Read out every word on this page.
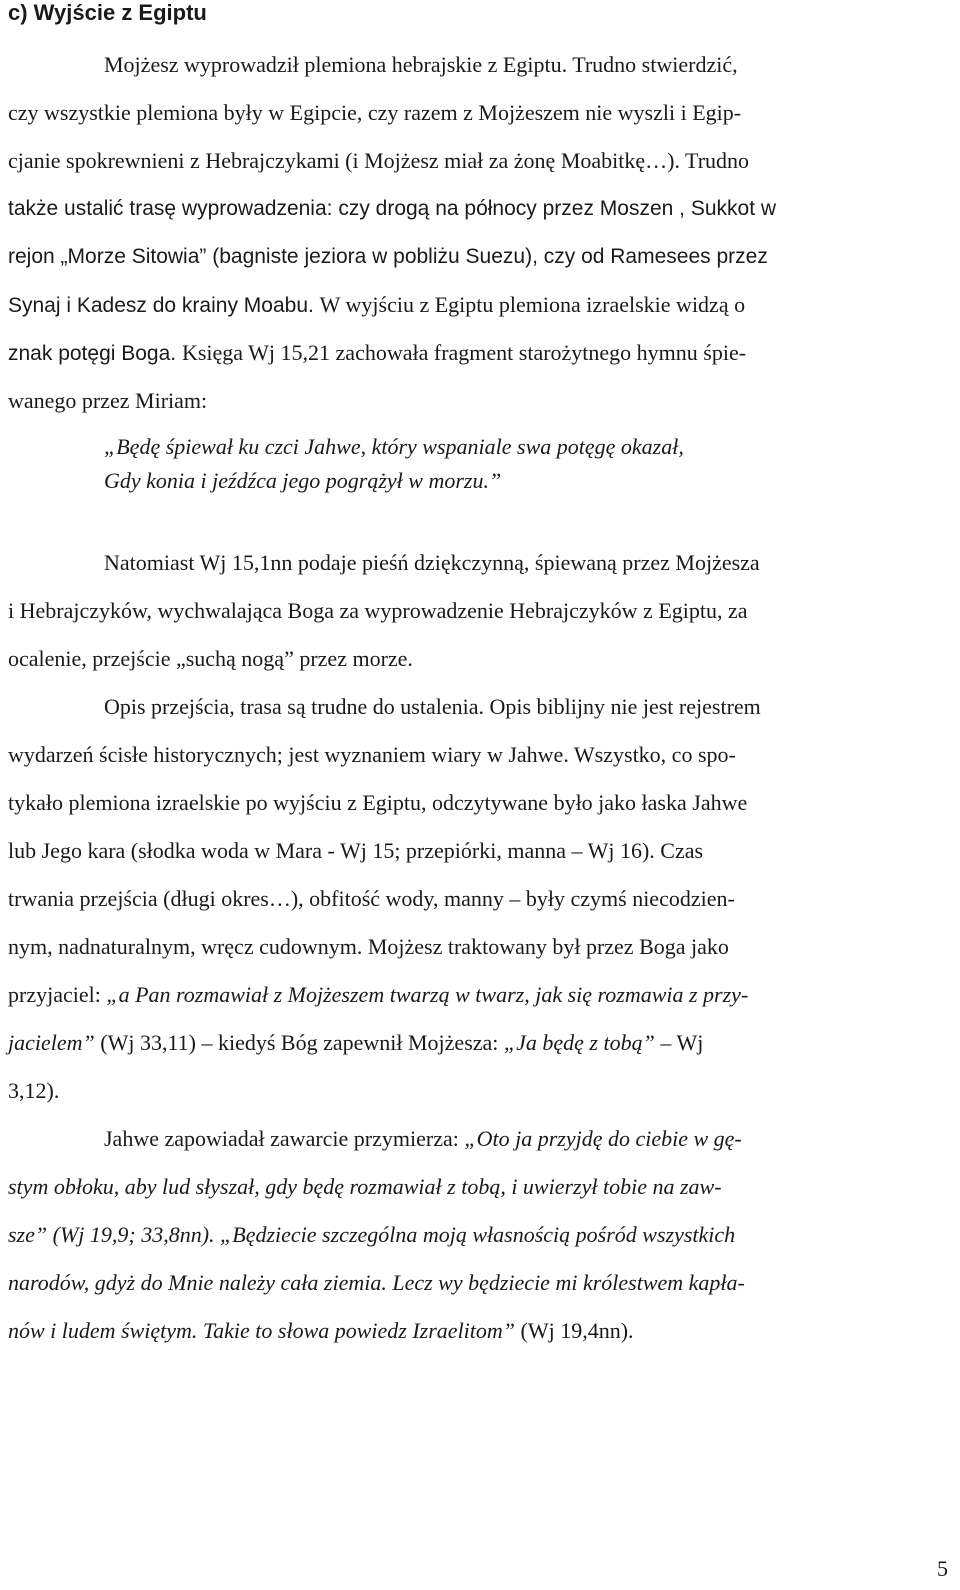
c) Wyjście z Egiptu
Mojżesz wyprowadził plemiona hebrajskie z Egiptu. Trudno stwierdzić,
czy wszystkie plemiona były w Egipcie, czy razem z Mojżeszem nie wyszli i Egip-
cjanie spokrewnieni z Hebrajczykami (i Mojżesz miał za żonę Moabitkę…). Trudno
także ustalić trasę wyprowadzenia: czy drogą na północy przez Moszen , Sukkot w
rejon „Morze Sitowia” (bagniste jeziora w pobliżu Suezu), czy od Ramesees przez
Synaj i Kadesz do krainy Moabu. W wyjściu z Egiptu plemiona izraelskie widzą o
znak potęgi Boga. Księga Wj 15,21 zachowała fragment starożytnego hymnu śpie-
wanego przez Miriam:
„Będę śpiewał ku czci Jahwe, który wspaniale swa potęgę okazał,
Gdy konia i jeźdźca jego pogrążył w morzu.”
Natomiast Wj 15,1nn podaje pieśń dziękczynną, śpiewaną przez Mojżesza
i Hebrajczyków, wychwalająca Boga za wyprowadzenie Hebrajczyków z Egiptu, za
ocalenie, przejście „suchą nogą” przez morze.
Opis przejścia, trasa są trudne do ustalenia. Opis biblijny nie jest rejestrem
wydarzeń ścisłe historycznych; jest wyznaniem wiary w Jahwe. Wszystko, co spo-
tykało plemiona izraelskie po wyjściu z Egiptu, odczytywane było jako łaska Jahwe
lub Jego kara (słodka woda w Mara - Wj 15; przepiórki, manna – Wj 16). Czas
trwania przejścia (długi okres…), obfitość wody, manny – były czymś niecodzien-
nym, nadnaturalnym, wręcz cudownym. Mojżesz traktowany był przez Boga jako
przyjaciel: „a Pan rozmawiał z Mojżeszem twarzą w twarz, jak się rozmawia z przy-
jacielem” (Wj 33,11) – kiedyś Bóg zapewnił Mojżesza: „Ja będę z tobą” – Wj
3,12).
Jahwe zapowiadał zawarcie przymierza: „Oto ja przyjdę do ciebie w gę-
stym obłoku, aby lud słyszał, gdy będę rozmawiał z tobą, i uwierzył tobie na zaw-
sze” (Wj 19,9; 33,8nn). „Będziecie szczególna moją własnością pośród wszystkich
narodów, gdyż do Mnie należy cała ziemia. Lecz wy będziecie mi królestwem kapła-
nów i ludem świętym. Takie to słowa powiedz Izraelitom” (Wj 19,4nn).
5
